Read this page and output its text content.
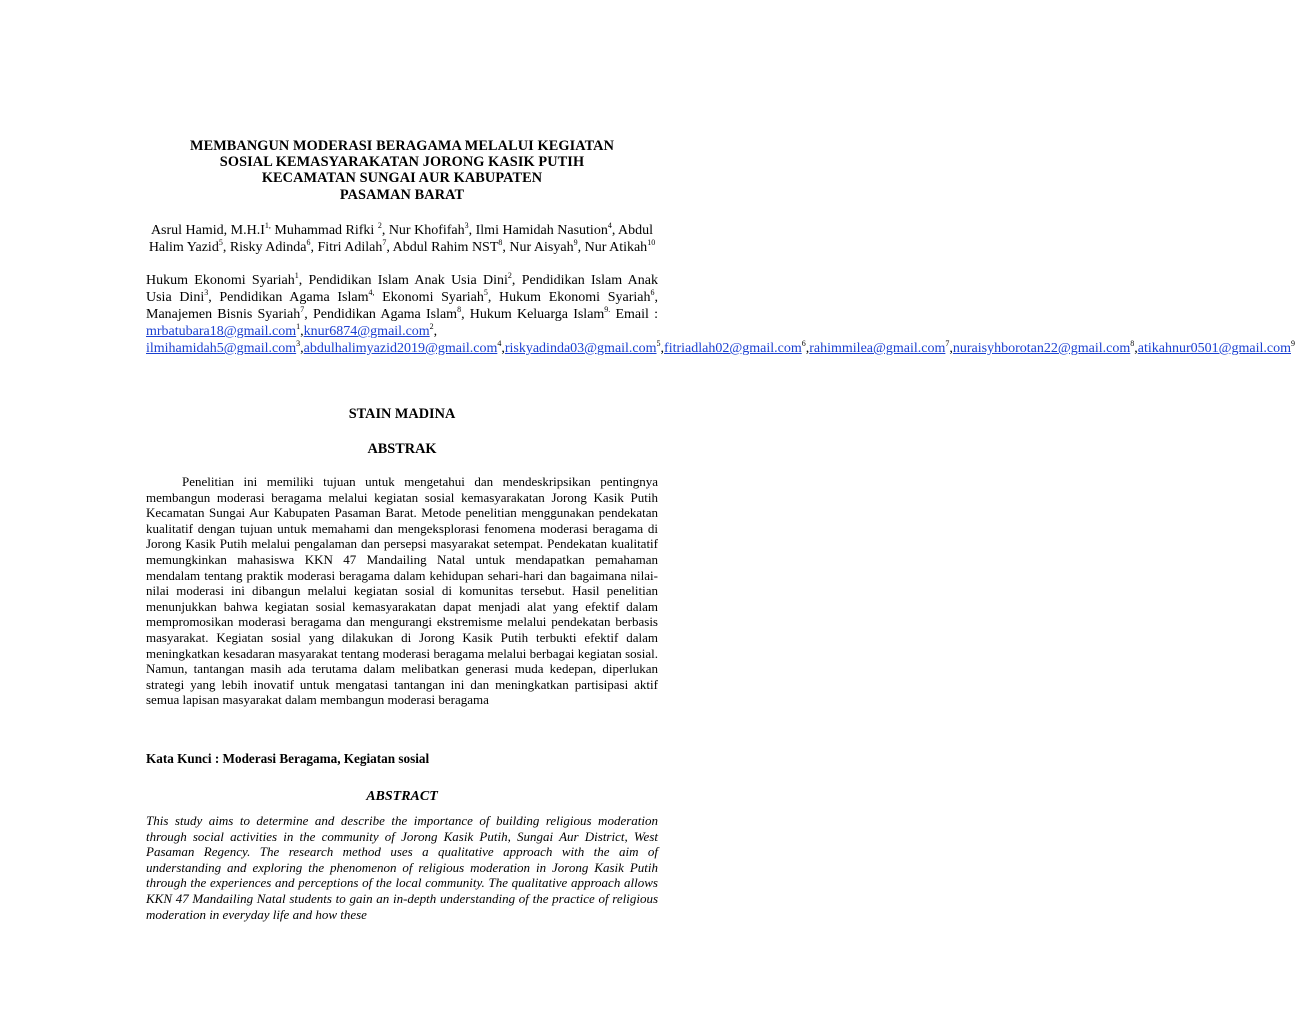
MEMBANGUN MODERASI BERAGAMA MELALUI KEGIATAN
SOSIAL KEMASYARAKATAN JORONG KASIK PUTIH
KECAMATAN SUNGAI AUR KABUPATEN
PASAMAN BARAT
Asrul Hamid, $M.H.I^{1,}$ Muhammad Rifki $^2$, Nur Khofifah$^3$, Ilmi Hamidah Nasution$^4$, Abdul Halim Yazid$^5$, Risky Adinda$^6$, Fitri Adilah$^7$, Abdul Rahim NST$^8$, Nur Aisyah$^9$, Nur Atikah$^{10}$
Hukum Ekonomi Syariah$^1$, Pendidikan Islam Anak Usia Dini$^2$, Pendidikan Islam Anak Usia Dini$^3$, Pendidikan Agama Islam$^{4,}$ Ekonomi Syariah$^5$, Hukum Ekonomi Syariah$^6$, Manajemen Bisnis Syariah$^7$, Pendidikan Agama Islam$^8$, Hukum Keluarga Islam$^{9.}$ Email : mrbatubara18@gmail.com$^1$,knur6874@gmail.com$^2$, ilmihamidah5@gmail.com$^3$,abdulhalimyazid2019@gmail.com$^4$,riskyadinda03@gmail.com$^5$,fitriadlah02@gmail.com$^6$,rahimmilea@gmail.com$^7$,nuraisyhborotan22@gmail.com$^8$,atikahnur0501@gmail.com$^9$
STAIN MADINA
ABSTRAK

Penelitian ini memiliki tujuan untuk mengetahui dan mendeskripsikan pentingnya membangun moderasi beragama melalui kegiatan sosial kemasyarakatan Jorong Kasik Putih Kecamatan Sungai Aur Kabupaten Pasaman Barat. Metode penelitian menggunakan pendekatan kualitatif dengan tujuan untuk memahami dan mengeksplorasi fenomena moderasi beragama di Jorong Kasik Putih melalui pengalaman dan persepsi masyarakat setempat. Pendekatan kualitatif memungkinkan mahasiswa KKN 47 Mandailing Natal untuk mendapatkan pemahaman mendalam tentang praktik moderasi beragama dalam kehidupan sehari-hari dan bagaimana nilai-nilai moderasi ini dibangun melalui kegiatan sosial di komunitas tersebut. Hasil penelitian menunjukkan bahwa kegiatan sosial kemasyarakatan dapat menjadi alat yang efektif dalam mempromosikan moderasi beragama dan mengurangi ekstremisme melalui pendekatan berbasis masyarakat. Kegiatan sosial yang dilakukan di Jorong Kasik Putih terbukti efektif dalam meningkatkan kesadaran masyarakat tentang moderasi beragama melalui berbagai kegiatan sosial. Namun, tantangan masih ada terutama dalam melibatkan generasi muda kedepan, diperlukan strategi yang lebih inovatif untuk mengatasi tantangan ini dan meningkatkan partisipasi aktif semua lapisan masyarakat dalam membangun moderasi beragama

Kata Kunci : Moderasi Beragama, Kegiatan sosial
ABSTRACT

This study aims to determine and describe the importance of building religious moderation through social activities in the community of Jorong Kasik Putih, Sungai Aur District, West Pasaman Regency. The research method uses a qualitative approach with the aim of understanding and exploring the phenomenon of religious moderation in Jorong Kasik Putih through the experiences and perceptions of the local community. The qualitative approach allows KKN 47 Mandailing Natal students to gain an in-depth understanding of the practice of religious moderation in everyday life and how these
